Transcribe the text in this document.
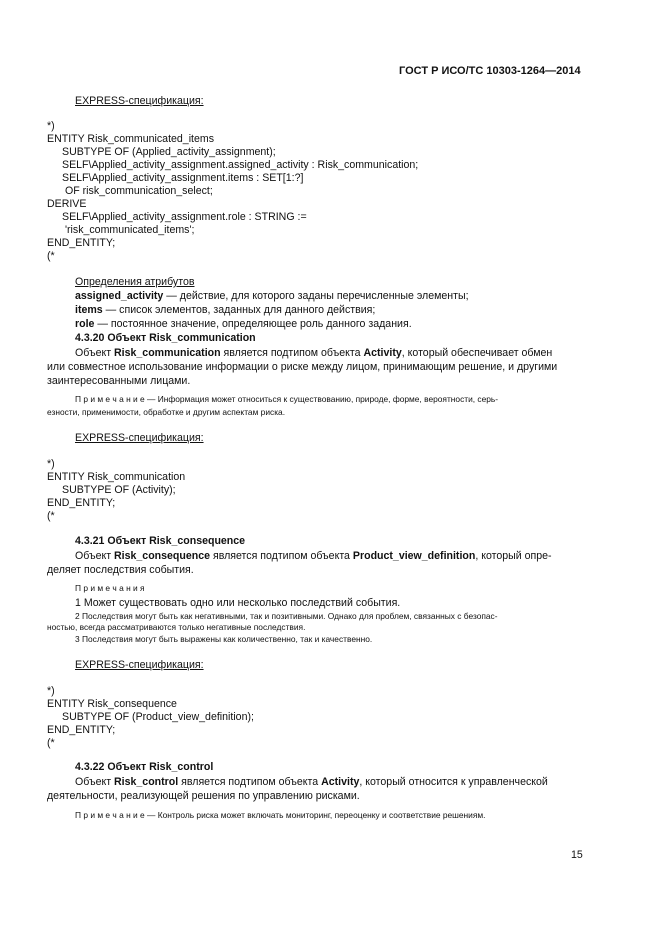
ГОСТ Р ИСО/ТС 10303-1264—2014
EXPRESS-спецификация:
*)
ENTITY Risk_communicated_items
SUBTYPE OF (Applied_activity_assignment);
SELF\Applied_activity_assignment.assigned_activity : Risk_communication;
SELF\Applied_activity_assignment.items : SET[1:?]
OF risk_communication_select;
DERIVE
SELF\Applied_activity_assignment.role : STRING :=
'risk_communicated_items';
END_ENTITY;
(*
Определения атрибутов
assigned_activity — действие, для которого заданы перечисленные элементы;
items — список элементов, заданных для данного действия;
role — постоянное значение, определяющее роль данного задания.
4.3.20 Объект Risk_communication
Объект Risk_communication является подтипом объекта Activity, который обеспечивает обмен
или совместное использование информации о риске между лицом, принимающим решение, и другими
заинтересованными лицами.
П р и м е ч а н и е — Информация может относиться к существованию, природе, форме, вероятности, серь-
езности, применимости, обработке и другим аспектам риска.
EXPRESS-спецификация:
*)
ENTITY Risk_communication
SUBTYPE OF (Activity);
END_ENTITY;
(*
4.3.21 Объект Risk_consequence
Объект Risk_consequence является подтипом объекта Product_view_definition, который опре-
деляет последствия события.
П р и м е ч а н и я
1 Может существовать одно или несколько последствий события.
2 Последствия могут быть как негативными, так и позитивными. Однако для проблем, связанных с безопас-
ностью, всегда рассматриваются только негативные последствия.
3 Последствия могут быть выражены как количественно, так и качественно.
EXPRESS-спецификация:
*)
ENTITY Risk_consequence
SUBTYPE OF (Product_view_definition);
END_ENTITY;
(*
4.3.22 Объект Risk_control
Объект Risk_control является подтипом объекта Activity, который относится к управленческой
деятельности, реализующей решения по управлению рисками.
П р и м е ч а н и е — Контроль риска может включать мониторинг, переоценку и соответствие решениям.
15
